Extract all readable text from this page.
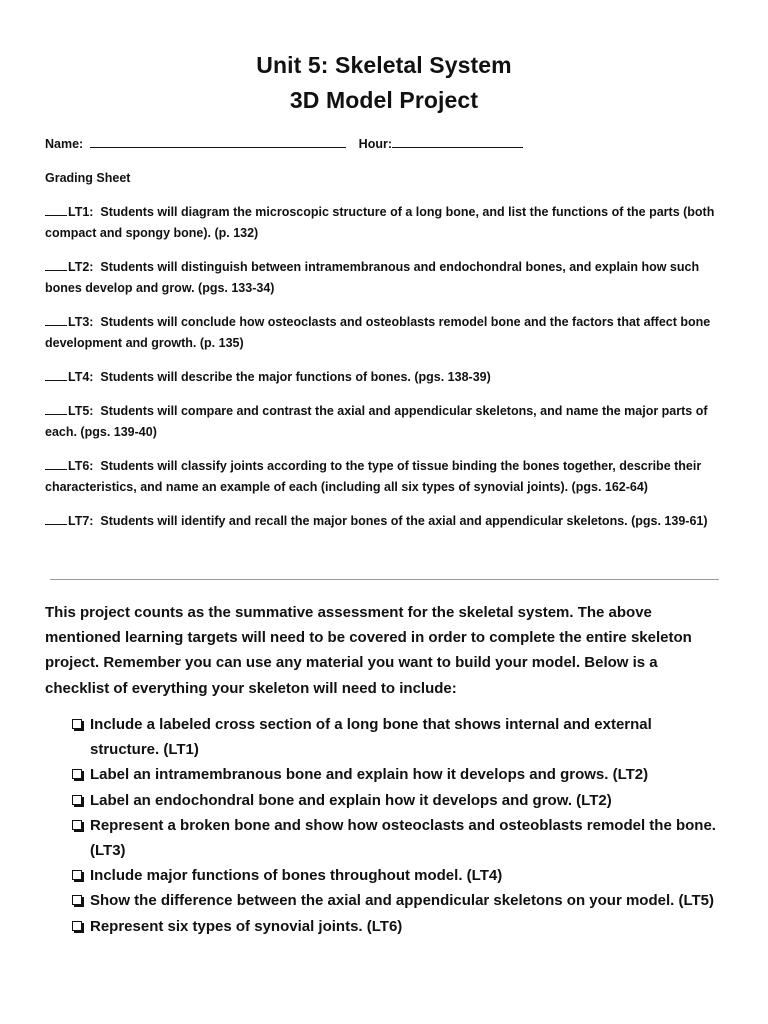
Unit 5: Skeletal System
3D Model Project
Name:	Hour:
Grading Sheet
LT1: Students will diagram the microscopic structure of a long bone, and list the functions of the parts (both compact and spongy bone). (p. 132)
LT2: Students will distinguish between intramembranous and endochondral bones, and explain how such bones develop and grow. (pgs. 133-34)
LT3: Students will conclude how osteoclasts and osteoblasts remodel bone and the factors that affect bone development and growth. (p. 135)
LT4: Students will describe the major functions of bones. (pgs. 138-39)
LT5: Students will compare and contrast the axial and appendicular skeletons, and name the major parts of each. (pgs. 139-40)
LT6: Students will classify joints according to the type of tissue binding the bones together, describe their characteristics, and name an example of each (including all six types of synovial joints). (pgs. 162-64)
LT7: Students will identify and recall the major bones of the axial and appendicular skeletons. (pgs. 139-61)
This project counts as the summative assessment for the skeletal system. The above mentioned learning targets will need to be covered in order to complete the entire skeleton project. Remember you can use any material you want to build your model. Below is a checklist of everything your skeleton will need to include:
Include a labeled cross section of a long bone that shows internal and external structure. (LT1)
Label an intramembranous bone and explain how it develops and grows. (LT2)
Label an endochondral bone and explain how it develops and grow. (LT2)
Represent a broken bone and show how osteoclasts and osteoblasts remodel the bone. (LT3)
Include major functions of bones throughout model. (LT4)
Show the difference between the axial and appendicular skeletons on your model. (LT5)
Represent six types of synovial joints. (LT6)
